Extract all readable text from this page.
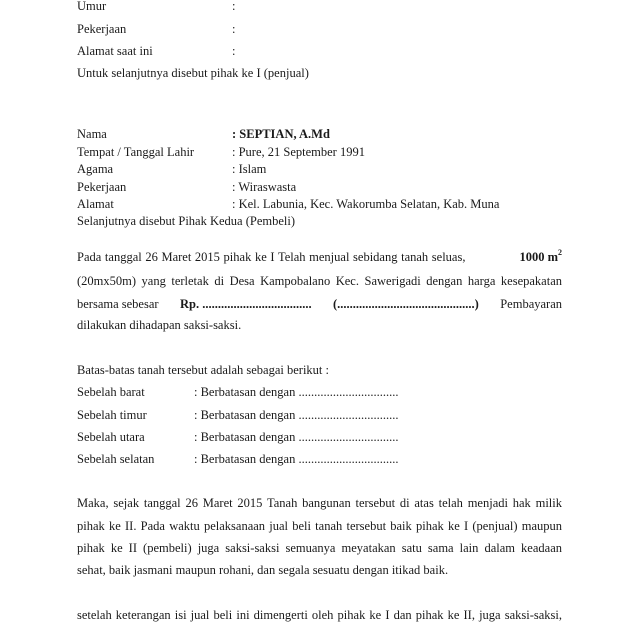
Umur	:
Pekerjaan	:
Alamat saat ini	:
Untuk selanjutnya disebut pihak ke I (penjual)
Nama	: SEPTIAN, A.Md
Tempat / Tanggal Lahir	: Pure, 21 September 1991
Agama	: Islam
Pekerjaan	: Wiraswasta
Alamat	: Kel. Labunia, Kec. Wakorumba Selatan, Kab. Muna
Selanjutnya disebut Pihak Kedua (Pembeli)
Pada tanggal 26 Maret 2015 pihak ke I Telah menjual sebidang tanah seluas,	1000 $m^2$
(20mx50m) yang terletak di Desa Kampobalano Kec. Sawerigadi dengan harga kesepakatan
bersama sebesar Rp. ................................... (............................................) Pembayaran
dilakukan dihadapan saksi-saksi.
Batas-batas tanah tersebut adalah sebagai berikut :
Sebelah barat	: Berbatasan dengan ................................
Sebelah timur	: Berbatasan dengan ................................
Sebelah utara	: Berbatasan dengan ................................
Sebelah selatan	: Berbatasan dengan ................................
Maka, sejak tanggal 26 Maret 2015 Tanah bangunan tersebut di atas telah menjadi hak milik
pihak ke II. Pada waktu pelaksanaan jual beli tanah tersebut baik pihak ke I (penjual) maupun
pihak ke II (pembeli) juga saksi-saksi semuanya meyatakan satu sama lain dalam keadaan
sehat, baik jasmani maupun rohani, dan segala sesuatu dengan itikad baik.
setelah keterangan isi jual beli ini dimengerti oleh pihak ke I dan pihak ke II, juga saksi-saksi,
